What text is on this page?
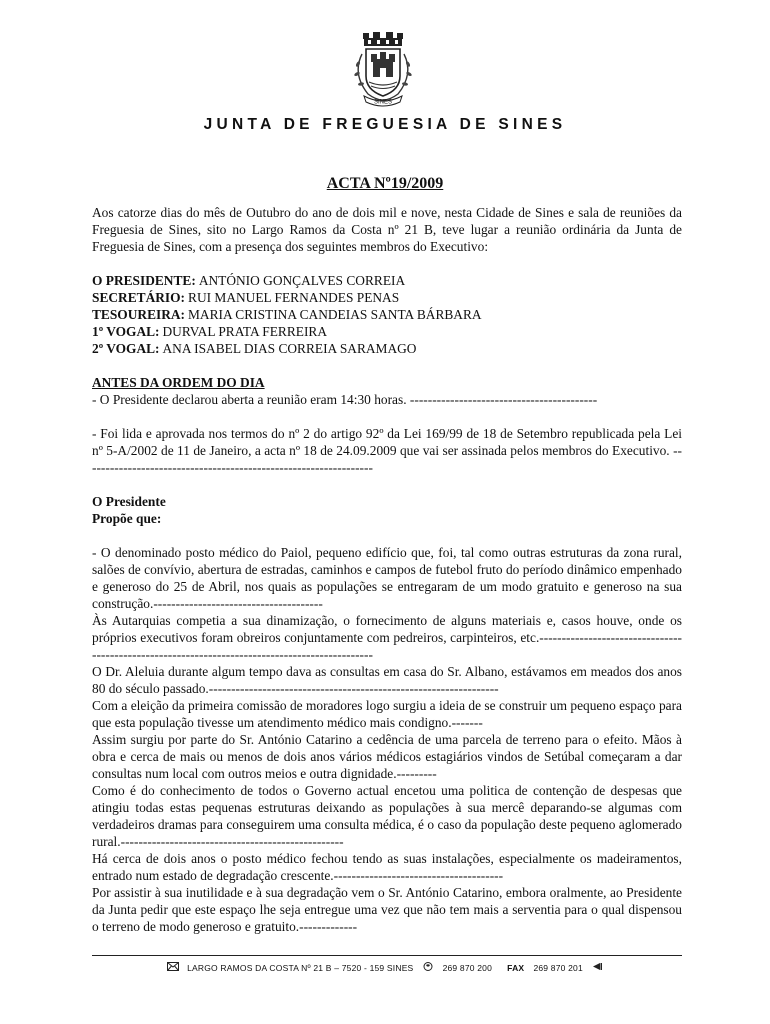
SINES
JUNTA DE FREGUESIA DE SINES
ACTA Nº19/2009

Aos catorze dias do mês de Outubro do ano de dois mil e nove, nesta Cidade de Sines e sala de reuniões da Freguesia de Sines, sito no Largo Ramos da Costa nº 21 B, teve lugar a reunião ordinária da Junta de Freguesia de Sines, com a presença dos seguintes membros do Executivo:

O PRESIDENTE: ANTÓNIO GONÇALVES CORREIA

SECRETÁRIO: RUI MANUEL FERNANDES PENAS

TESOUREIRA: MARIA CRISTINA CANDEIAS SANTA BÁRBARA

1º VOGAL: DURVAL PRATA FERREIRA

2º VOGAL: ANA ISABEL DIAS CORREIA SARAMAGO

ANTES DA ORDEM DO DIA

- O Presidente declarou aberta a reunião eram 14:30 horas. ------------------------------------------

- Foi lida e aprovada nos termos do nº 2 do artigo 92º da Lei 169/99 de 18 de Setembro republicada pela Lei nº 5-A/2002 de 11 de Janeiro, a acta nº 18 de 24.09.2009 que vai ser assinada pelos membros do Executivo. -----------------------------------------------------------------

O Presidente

Propõe que:

- O denominado posto médico do Paiol, pequeno edifício que, foi, tal como outras estruturas da zona rural, salões de convívio, abertura de estradas, caminhos e campos de futebol fruto do período dinâmico empenhado e generoso do 25 de Abril, nos quais as populações se entregaram de um modo gratuito e generoso na sua construção.--------------------------------------

Às Autarquias competia a sua dinamização, o fornecimento de alguns materiais e, casos houve, onde os próprios executivos foram obreiros conjuntamente com pedreiros, carpinteiros, etc.-----------------------------------------------------------------------------------------------

O Dr. Aleluia durante algum tempo dava as consultas em casa do Sr. Albano, estávamos em meados dos anos 80 do século passado.-----------------------------------------------------------------

Com a eleição da primeira comissão de moradores logo surgiu a ideia de se construir um pequeno espaço para que esta população tivesse um atendimento médico mais condigno.-------

Assim surgiu por parte do Sr. António Catarino a cedência de uma parcela de terreno para o efeito. Mãos à obra e cerca de mais ou menos de dois anos vários médicos estagiários vindos de Setúbal começaram a dar consultas num local com outros meios e outra dignidade.---------

Como é do conhecimento de todos o Governo actual encetou uma politica de contenção de despesas que atingiu todas estas pequenas estruturas deixando as populações à sua mercê deparando-se algumas com verdadeiros dramas para conseguirem uma consulta médica, é o caso da população deste pequeno aglomerado rural.--------------------------------------------------

Há cerca de dois anos o posto médico fechou tendo as suas instalações, especialmente os madeiramentos, entrado num estado de degradação crescente.--------------------------------------

Por assistir à sua inutilidade e à sua degradação vem o Sr. António Catarino, embora oralmente, ao Presidente da Junta pedir que este espaço lhe seja entregue uma vez que não tem mais a serventia para o qual dispensou o terreno de modo generoso e gratuito.-------------

LARGO RAMOS DA COSTA Nº 21 B – 7520 - 159 SINES	269 870 200 FAX 269 870 201
